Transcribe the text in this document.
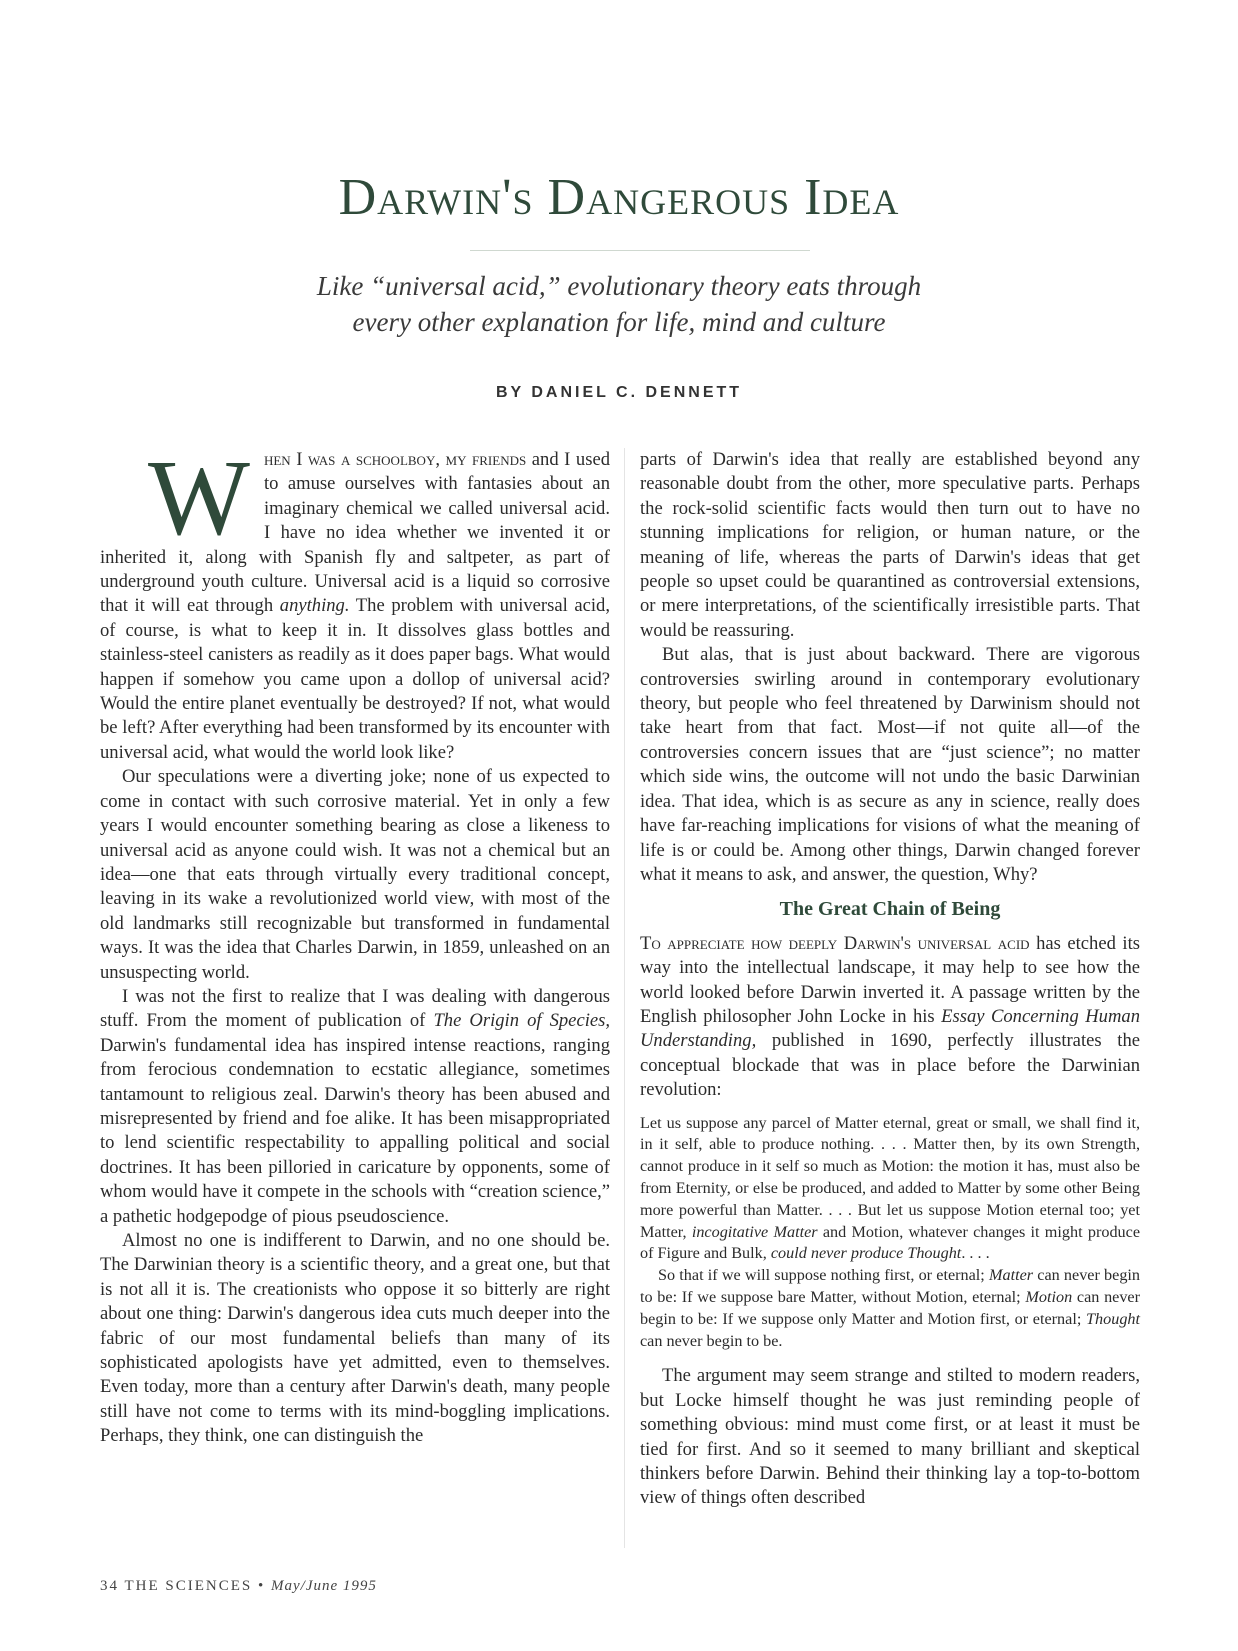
Darwin's Dangerous Idea
Like “universal acid,” evolutionary theory eats through
every other explanation for life, mind and culture
BY DANIEL C. DENNETT

W hen I was a schoolboy, my friends and I used to amuse ourselves with fantasies about an imaginary chemical we called universal acid. I have no idea whether we invented it or inherited it, along with Spanish fly and saltpeter, as part of underground youth culture. Universal acid is a liquid so corrosive that it will eat through anything. The problem with universal acid, of course, is what to keep it in. It dissolves glass bottles and stainless-steel canisters as readily as it does paper bags. What would happen if somehow you came upon a dollop of universal acid? Would the entire planet eventually be destroyed? If not, what would be left? After everything had been transformed by its encounter with universal acid, what would the world look like?

Our speculations were a diverting joke; none of us expected to come in contact with such corrosive material. Yet in only a few years I would encounter something bearing as close a likeness to universal acid as anyone could wish. It was not a chemical but an idea—one that eats through virtually every traditional concept, leaving in its wake a revolutionized world view, with most of the old landmarks still recognizable but transformed in fundamental ways. It was the idea that Charles Darwin, in 1859, unleashed on an unsuspecting world.

I was not the first to realize that I was dealing with dangerous stuff. From the moment of publication of The Origin of Species, Darwin's fundamental idea has inspired intense reactions, ranging from ferocious condemnation to ecstatic allegiance, sometimes tantamount to religious zeal. Darwin's theory has been abused and misrepresented by friend and foe alike. It has been misappropriated to lend scientific respectability to appalling political and social doctrines. It has been pilloried in caricature by opponents, some of whom would have it compete in the schools with “creation science,” a pathetic hodgepodge of pious pseudoscience.

Almost no one is indifferent to Darwin, and no one should be. The Darwinian theory is a scientific theory, and a great one, but that is not all it is. The creationists who oppose it so bitterly are right about one thing: Darwin's dangerous idea cuts much deeper into the fabric of our most fundamental beliefs than many of its sophisticated apologists have yet admitted, even to themselves. Even today, more than a century after Darwin's death, many people still have not come to terms with its mind-boggling implications. Perhaps, they think, one can distinguish the

parts of Darwin's idea that really are established beyond any reasonable doubt from the other, more speculative parts. Perhaps the rock-solid scientific facts would then turn out to have no stunning implications for religion, or human nature, or the meaning of life, whereas the parts of Darwin's ideas that get people so upset could be quarantined as controversial extensions, or mere interpretations, of the scientifically irresistible parts. That would be reassuring.

But alas, that is just about backward. There are vigorous controversies swirling around in contemporary evolutionary theory, but people who feel threatened by Darwinism should not take heart from that fact. Most—if not quite all—of the controversies concern issues that are “just science”; no matter which side wins, the outcome will not undo the basic Darwinian idea. That idea, which is as secure as any in science, really does have far-reaching implications for visions of what the meaning of life is or could be. Among other things, Darwin changed forever what it means to ask, and answer, the question, Why?

The Great Chain of Being

To appreciate how deeply Darwin's universal acid has etched its way into the intellectual landscape, it may help to see how the world looked before Darwin inverted it. A passage written by the English philosopher John Locke in his Essay Concerning Human Understanding, published in 1690, perfectly illustrates the conceptual blockade that was in place before the Darwinian revolution:

Let us suppose any parcel of Matter eternal, great or small, we shall find it, in it self, able to produce nothing. . . . Matter then, by its own Strength, cannot produce in it self so much as Motion: the motion it has, must also be from Eternity, or else be produced, and added to Matter by some other Being more powerful than Matter. . . . But let us suppose Motion eternal too; yet Matter, incogitative Matter and Motion, whatever changes it might produce of Figure and Bulk, could never produce Thought. . . .

So that if we will suppose nothing first, or eternal; Matter can never begin to be: If we suppose bare Matter, without Motion, eternal; Motion can never begin to be: If we suppose only Matter and Motion first, or eternal; Thought can never begin to be.

The argument may seem strange and stilted to modern readers, but Locke himself thought he was just reminding people of something obvious: mind must come first, or at least it must be tied for first. And so it seemed to many brilliant and skeptical thinkers before Darwin. Behind their thinking lay a top-to-bottom view of things often described

34 THE SCIENCES • May/June 1995
